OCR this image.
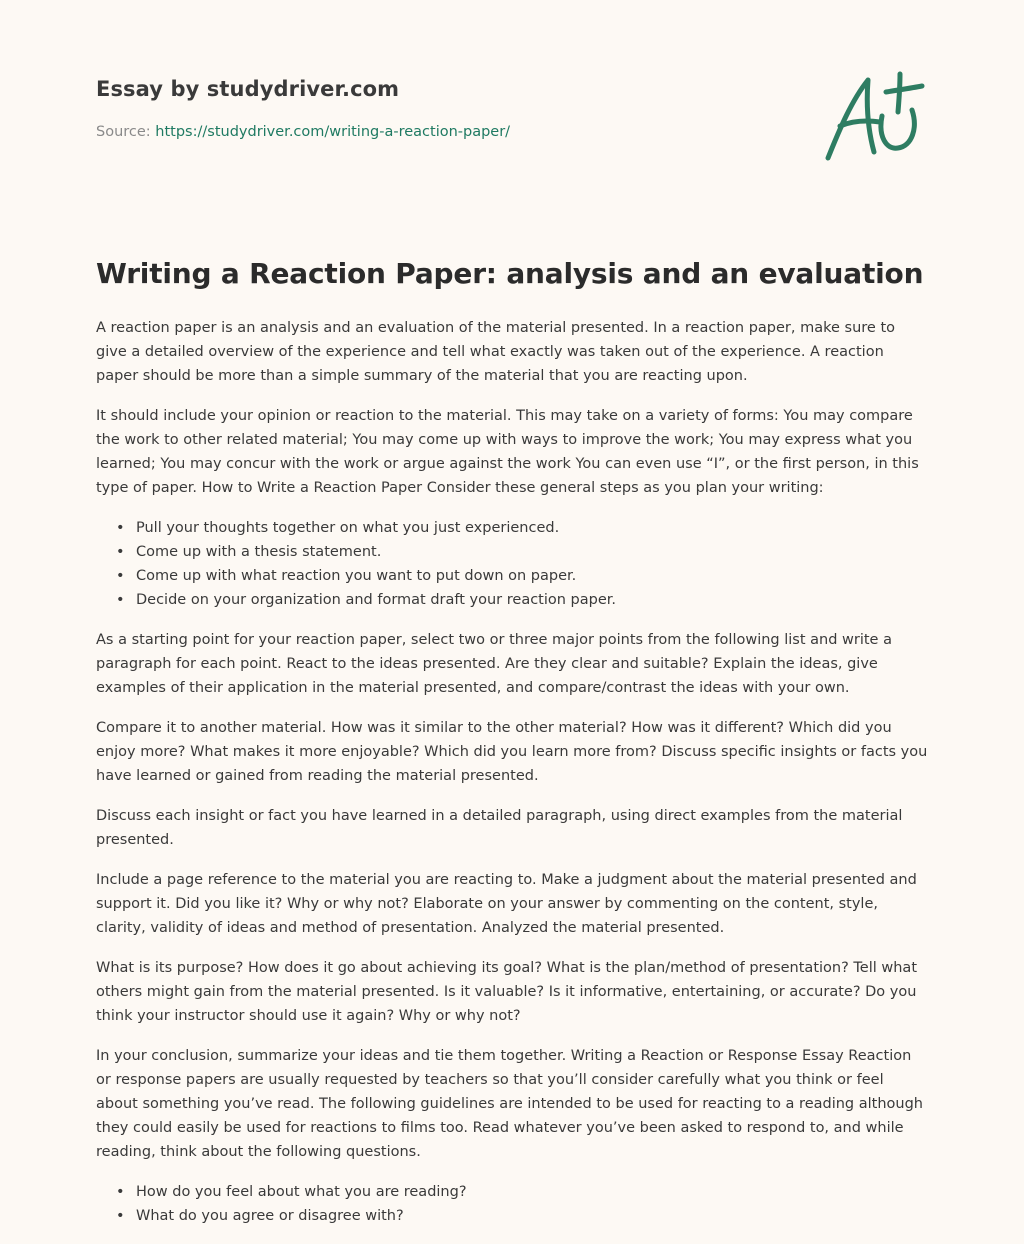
Essay by studydriver.com
Source: https://studydriver.com/writing-a-reaction-paper/
Writing a Reaction Paper: analysis and an evaluation

A reaction paper is an analysis and an evaluation of the material presented. In a reaction paper, make sure to give a detailed overview of the experience and tell what exactly was taken out of the experience. A reaction paper should be more than a simple summary of the material that you are reacting upon.

It should include your opinion or reaction to the material. This may take on a variety of forms: You may compare the work to other related material; You may come up with ways to improve the work; You may express what you learned; You may concur with the work or argue against the work You can even use “I”, or the first person, in this type of paper. How to Write a Reaction Paper Consider these general steps as you plan your writing:

• Pull your thoughts together on what you just experienced.
• Come up with a thesis statement.
• Come up with what reaction you want to put down on paper.
• Decide on your organization and format draft your reaction paper.

As a starting point for your reaction paper, select two or three major points from the following list and write a paragraph for each point. React to the ideas presented. Are they clear and suitable? Explain the ideas, give examples of their application in the material presented, and compare/contrast the ideas with your own.

Compare it to another material. How was it similar to the other material? How was it different? Which did you enjoy more? What makes it more enjoyable? Which did you learn more from? Discuss specific insights or facts you have learned or gained from reading the material presented.

Discuss each insight or fact you have learned in a detailed paragraph, using direct examples from the material presented.

Include a page reference to the material you are reacting to. Make a judgment about the material presented and support it. Did you like it? Why or why not? Elaborate on your answer by commenting on the content, style, clarity, validity of ideas and method of presentation. Analyzed the material presented.

What is its purpose? How does it go about achieving its goal? What is the plan/method of presentation? Tell what others might gain from the material presented. Is it valuable? Is it informative, entertaining, or accurate? Do you think your instructor should use it again? Why or why not?

In your conclusion, summarize your ideas and tie them together. Writing a Reaction or Response Essay Reaction or response papers are usually requested by teachers so that you’ll consider carefully what you think or feel about something you’ve read. The following guidelines are intended to be used for reacting to a reading although they could easily be used for reactions to films too. Read whatever you’ve been asked to respond to, and while reading, think about the following questions.

• How do you feel about what you are reading?
• What do you agree or disagree with?
